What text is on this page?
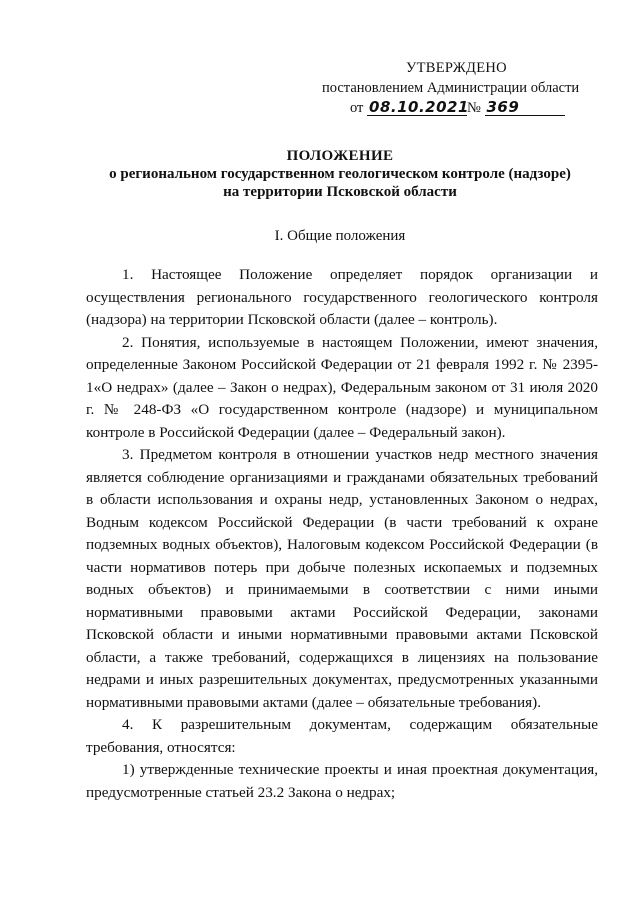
УТВЕРЖДЕНО
постановлением Администрации области
от 08.10.2021№ 369
ПОЛОЖЕНИЕ
о региональном государственном геологическом контроле (надзоре)
на территории Псковской области
I. Общие положения

1. Настоящее Положение определяет порядок организации и осуществления регионального государственного геологического контроля (надзора) на территории Псковской области (далее – контроль).

2. Понятия, используемые в настоящем Положении, имеют значения, определенные Законом Российской Федерации от 21 февраля 1992 г. № 2395-1«О недрах» (далее – Закон о недрах), Федеральным законом от 31 июля 2020 г. № 248-ФЗ «О государственном контроле (надзоре) и муниципальном контроле в Российской Федерации (далее – Федеральный закон).

3. Предметом контроля в отношении участков недр местного значения является соблюдение организациями и гражданами обязательных требований в области использования и охраны недр, установленных Законом о недрах, Водным кодексом Российской Федерации (в части требований к охране подземных водных объектов), Налоговым кодексом Российской Федерации (в части нормативов потерь при добыче полезных ископаемых и подземных водных объектов) и принимаемыми в соответствии с ними иными нормативными правовыми актами Российской Федерации, законами Псковской области и иными нормативными правовыми актами Псковской области, а также требований, содержащихся в лицензиях на пользование недрами и иных разрешительных документах, предусмотренных указанными нормативными правовыми актами (далее – обязательные требования).

4. К разрешительным документам, содержащим обязательные требования, относятся:

1) утвержденные технические проекты и иная проектная документация, предусмотренные статьей 23.2 Закона о недрах;
